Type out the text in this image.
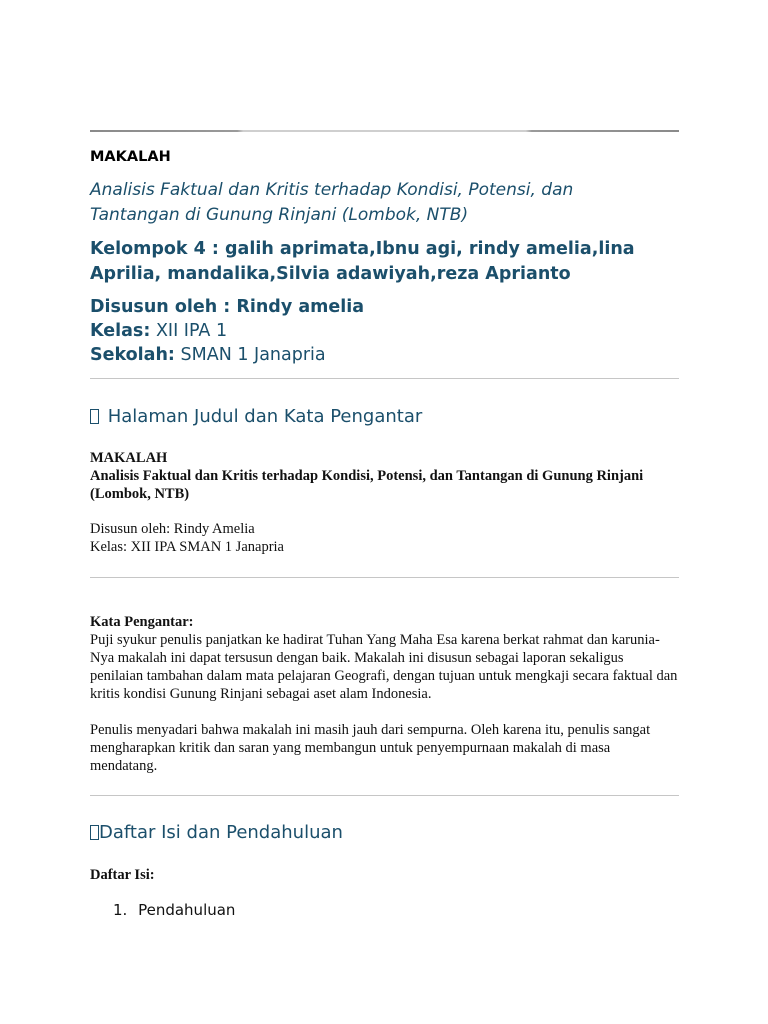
MAKALAH
Analisis Faktual dan Kritis terhadap Kondisi, Potensi, dan Tantangan di Gunung Rinjani (Lombok, NTB)
Kelompok 4 : galih aprimata,Ibnu agi, rindy amelia,lina Aprilia, mandalika,Silvia adawiyah,reza Aprianto
Disusun oleh : Rindy amelia
Kelas: XII IPA 1
Sekolah: SMAN 1 Janapria
Halaman Judul dan Kata Pengantar
MAKALAH
Analisis Faktual dan Kritis terhadap Kondisi, Potensi, dan Tantangan di Gunung Rinjani (Lombok, NTB)
Disusun oleh: Rindy Amelia
Kelas: XII IPA SMAN 1 Janapria
Kata Pengantar:
Puji syukur penulis panjatkan ke hadirat Tuhan Yang Maha Esa karena berkat rahmat dan karunia-Nya makalah ini dapat tersusun dengan baik. Makalah ini disusun sebagai laporan sekaligus penilaian tambahan dalam mata pelajaran Geografi, dengan tujuan untuk mengkaji secara faktual dan kritis kondisi Gunung Rinjani sebagai aset alam Indonesia.
Penulis menyadari bahwa makalah ini masih jauh dari sempurna. Oleh karena itu, penulis sangat mengharapkan kritik dan saran yang membangun untuk penyempurnaan makalah di masa mendatang.
Daftar Isi dan Pendahuluan
Daftar Isi:
1. Pendahuluan
